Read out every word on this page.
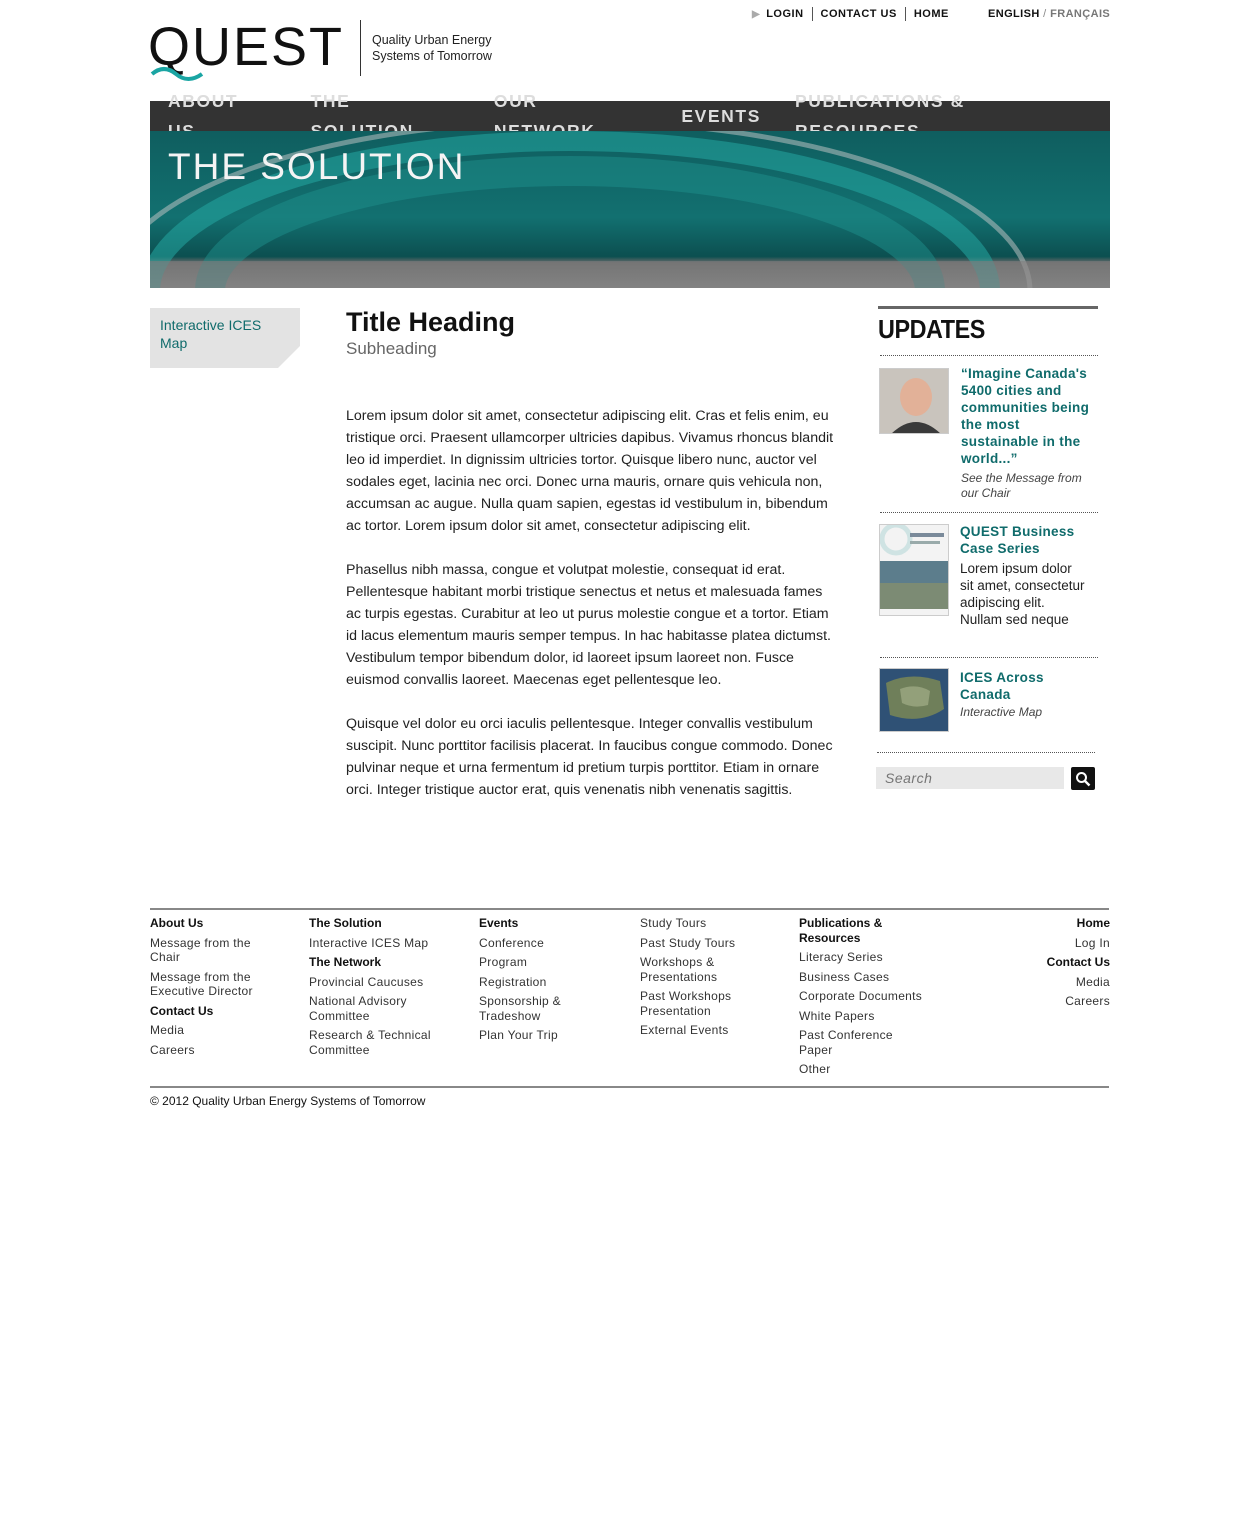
▶ LOGIN	CONTACT US	HOME	ENGLISH / FRANÇAIS
QUEST Quality Urban Energy
Systems of Tomorrow
ABOUT	THE	OUR
EVENTS
PUBLICATIONS &
THE SOLUTION
Interactive ICES Map
Title Heading
Subheading

Lorem ipsum dolor sit amet, consectetur adipiscing elit. Cras et felis enim, eu tristique orci. Praesent ullamcorper ultricies dapibus. Vivamus rhoncus blandit leo id imperdiet. In dignissim ultricies tortor. Quisque libero nunc, auctor vel sodales eget, lacinia nec orci. Donec urna mauris, ornare quis vehicula non, accumsan ac augue. Nulla quam sapien, egestas id vestibulum in, bibendum ac tortor. Lorem ipsum dolor sit amet, consectetur adipiscing elit.

Phasellus nibh massa, congue et volutpat molestie, consequat id erat. Pellentesque habitant morbi tristique senectus et netus et malesuada fames ac turpis egestas. Curabitur at leo ut purus molestie congue et a tortor. Etiam id lacus elementum mauris semper tempus. In hac habitasse platea dictumst. Vestibulum tempor bibendum dolor, id laoreet ipsum laoreet non. Fusce euismod convallis laoreet. Maecenas eget pellentesque leo.

Quisque vel dolor eu orci iaculis pellentesque. Integer convallis vestibulum suscipit. Nunc porttitor facilisis placerat. In faucibus congue commodo. Donec pulvinar neque et urna fermentum id pretium turpis porttitor. Etiam in ornare orci. Integer tristique auctor erat, quis venenatis nibh venenatis sagittis.

UPDATES
“Imagine Canada's 5400 cities and communities being the most sustainable in the world...”
See the Message from our Chair
QUEST Business Case Series
Lorem ipsum dolor sit amet, consectetur adipiscing elit. Nullam sed neque
ICES Across Canada
Interactive Map
Search
About Us
Message from the Chair
Message from the Executive Director
Contact Us
Media
Careers
The Solution
Interactive ICES Map
The Network
Provincial Caucuses
National Advisory Committee
Research & Technical Committee
Events
Conference
Program
Registration
Sponsorship & Tradeshow
Plan Your Trip
Study Tours
Past Study Tours
Workshops & Presentations
Past Workshops Presentation
External Events
Publications & Resources
Literacy Series
Business Cases
Corporate Documents
White Papers
Past Conference Paper
Other
Home
Log In
Contact Us
Media
Careers
© 2012 Quality Urban Energy Systems of Tomorrow
